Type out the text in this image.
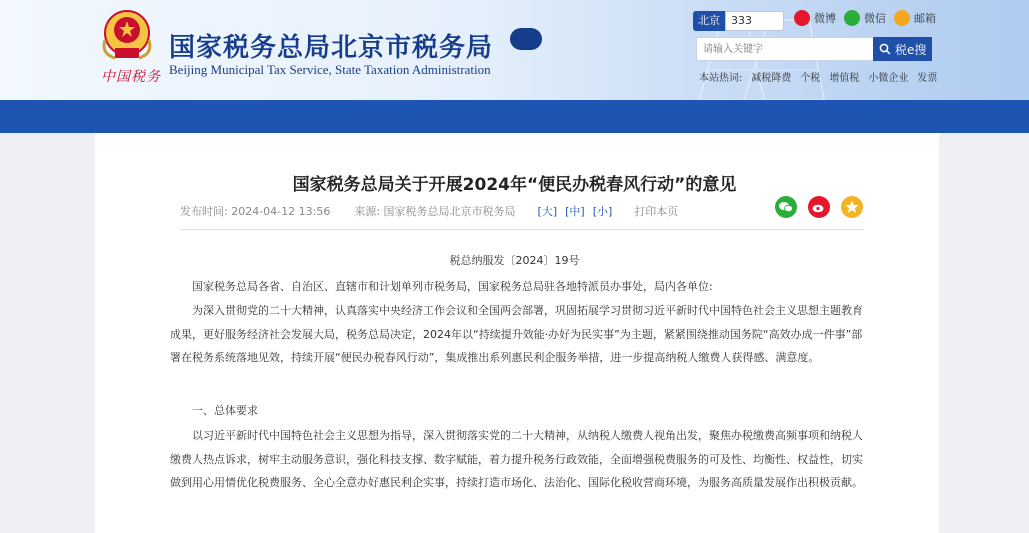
中国税务
国家税务总局北京市税务局
Beijing Municipal Tax Service, State Taxation Administration
北京	333	微博	微信	邮箱
请输入关键字
税e搜
本站热词: 减税降费 个税 增值税 小微企业 发票
国家税务总局关于开展2024年“便民办税春风行动”的意见
发布时间: 2024-04-12 13:56 来源: 国家税务总局北京市税务局 [大] [中] [小] 打印本页
税总纳服发〔2024〕19号
国家税务总局各省、自治区、直辖市和计划单列市税务局，国家税务总局驻各地特派员办事处，局内各单位:
为深入贯彻党的二十大精神，认真落实中央经济工作会议和全国两会部署，巩固拓展学习贯彻习近平新时代中国特色社会主义思想主题教育成果，更好服务经济社会发展大局，税务总局决定，2024年以“持续提升效能·办好为民实事”为主题，紧紧围绕推动国务院“高效办成一件事”部署在税务系统落地见效，持续开展“便民办税春风行动”，集成推出系列惠民利企服务举措，进一步提高纳税人缴费人获得感、满意度。
一、总体要求
以习近平新时代中国特色社会主义思想为指导，深入贯彻落实党的二十大精神，从纳税人缴费人视角出发，聚焦办税缴费高频事项和纳税人缴费人热点诉求，树牢主动服务意识，强化科技支撑、数字赋能，着力提升税务行政效能，全面增强税费服务的可及性、均衡性、权益性，切实做到用心用情优化税费服务、全心全意办好惠民利企实事，持续打造市场化、法治化、国际化税收营商环境，为服务高质量发展作出积极贡献。
